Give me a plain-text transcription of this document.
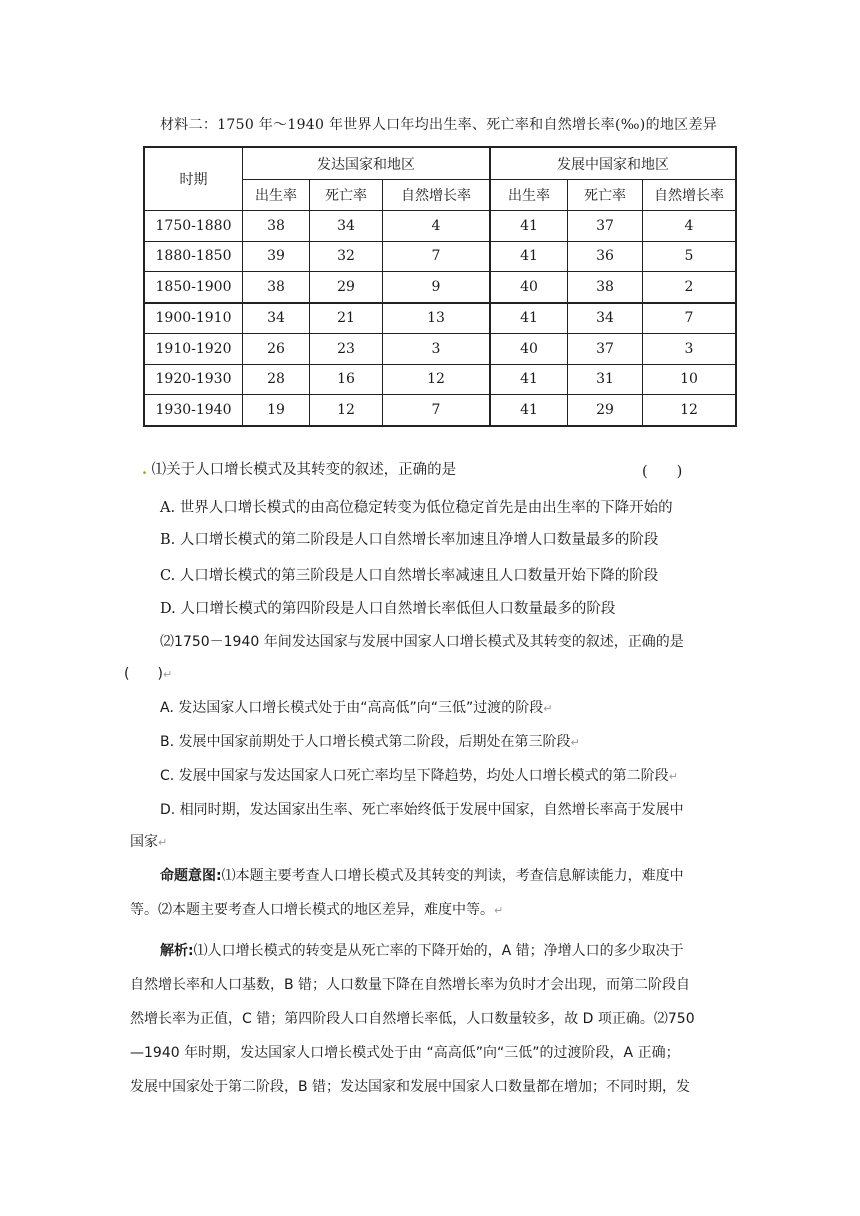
材料二：1750 年～1940 年世界人口年均出生率、死亡率和自然增长率(‰)的地区差异
时期	发达国家和地区			发展中国家和地区		
	出生率	死亡率	自然增长率	出生率	死亡率	自然增长率
1750-1880	38	34	4	41	37	4
1880-1850	39	32	7	41	36	5
1850-1900	38	29	9	40	38	2
1900-1910	34	21	13	41	34	7
1910-1920	26	23	3	40	37	3
1920-1930	28	16	12	41	31	10
1930-1940	19	12	7	41	29	12
. ⑴关于人口增长模式及其转变的叙述，正确的是	(　　)
A. 世界人口增长模式的由高位稳定转变为低位稳定首先是由出生率的下降开始的
B. 人口增长模式的第二阶段是人口自然增长率加速且净增人口数量最多的阶段
C. 人口增长模式的第三阶段是人口自然增长率减速且人口数量开始下降的阶段
D. 人口增长模式的第四阶段是人口自然增长率低但人口数量最多的阶段
⑵1750－1940 年间发达国家与发展中国家人口增长模式及其转变的叙述，正确的是
(　　)↵
A. 发达国家人口增长模式处于由“高高低”向“三低”过渡的阶段↵
B. 发展中国家前期处于人口增长模式第二阶段，后期处在第三阶段↵
C. 发展中国家与发达国家人口死亡率均呈下降趋势，均处人口增长模式的第二阶段↵
D. 相同时期，发达国家出生率、死亡率始终低于发展中国家，自然增长率高于发展中
国家↵
命题意图:⑴本题主要考查人口增长模式及其转变的判读，考查信息解读能力，难度中
等。⑵本题主要考查人口增长模式的地区差异，难度中等。↵
解析:⑴人口增长模式的转变是从死亡率的下降开始的，A 错；净增人口的多少取决于
自然增长率和人口基数，B 错；人口数量下降在自然增长率为负时才会出现，而第二阶段自
然增长率为正值，C 错；第四阶段人口自然增长率低，人口数量较多，故 D 项正确。⑵750
—1940 年时期，发达国家人口增长模式处于由 “高高低”向“三低”的过渡阶段，A 正确；
发展中国家处于第二阶段，B 错；发达国家和发展中国家人口数量都在增加；不同时期，发
